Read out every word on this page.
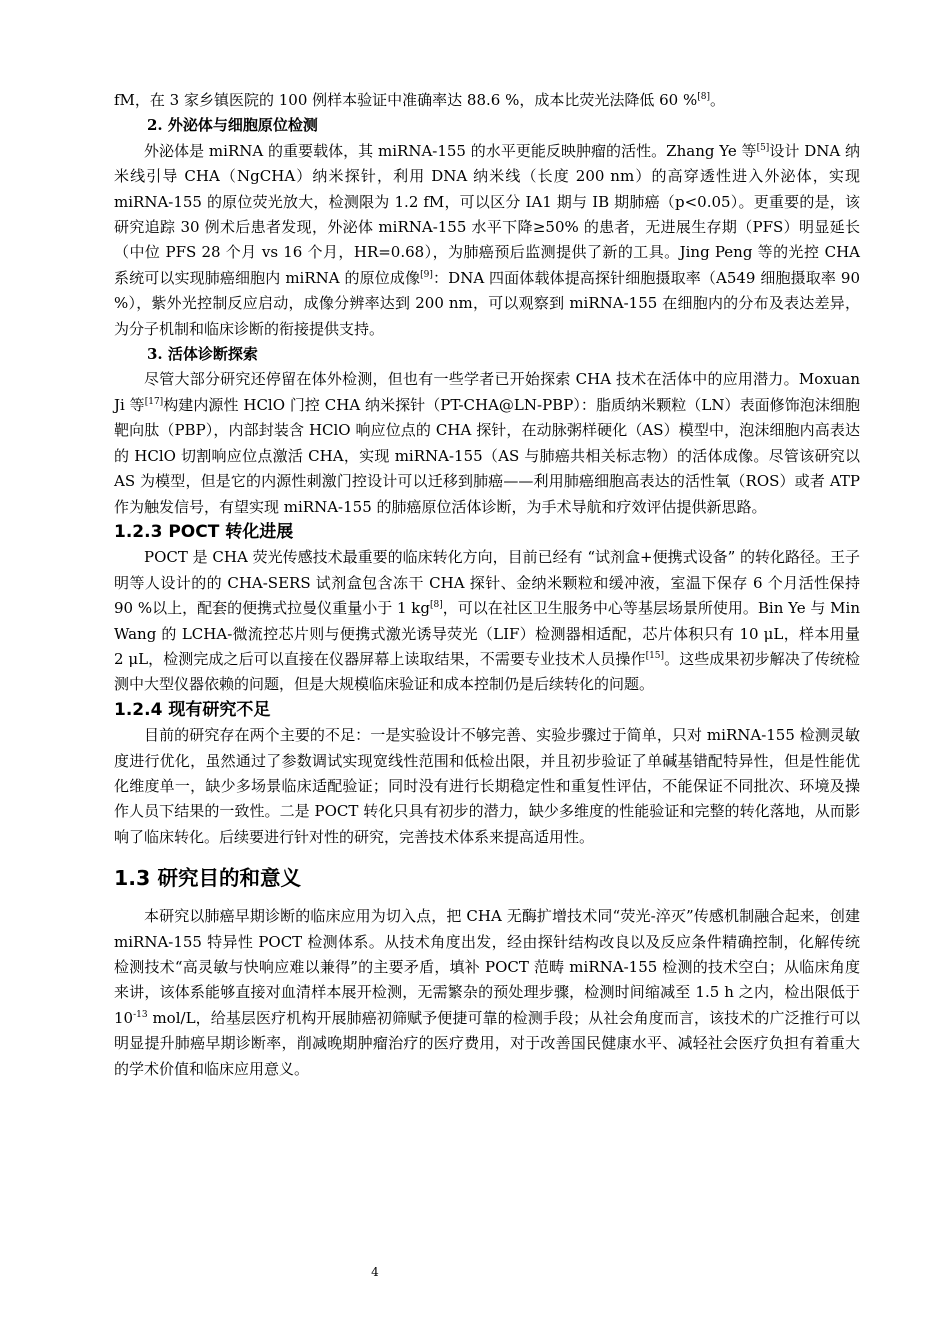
fM，在 3 家乡镇医院的 100 例样本验证中准确率达 88.6 %，成本比荧光法降低 60 %[8]。

2. 外泌体与细胞原位检测

外泌体是 miRNA 的重要载体，其 miRNA-155 的水平更能反映肿瘤的活性。Zhang Ye 等[5]设计 DNA 纳米线引导 CHA（NgCHA）纳米探针，利用 DNA 纳米线（长度 200 nm）的高穿透性进入外泌体，实现 miRNA-155 的原位荧光放大，检测限为 1.2 fM，可以区分 IA1 期与 IB 期肺癌（p<0.05）。更重要的是，该研究追踪 30 例术后患者发现，外泌体 miRNA-155 水平下降≥50% 的患者，无进展生存期（PFS）明显延长（中位 PFS 28 个月 vs 16 个月，HR=0.68），为肺癌预后监测提供了新的工具。Jing Peng 等的光控 CHA 系统可以实现肺癌细胞内 miRNA 的原位成像[9]：DNA 四面体载体提高探针细胞摄取率（A549 细胞摄取率 90 %），紫外光控制反应启动，成像分辨率达到 200 nm，可以观察到 miRNA-155 在细胞内的分布及表达差异，为分子机制和临床诊断的衔接提供支持。

3. 活体诊断探索

尽管大部分研究还停留在体外检测，但也有一些学者已开始探索 CHA 技术在活体中的应用潜力。Moxuan Ji 等[17]构建内源性 HClO 门控 CHA 纳米探针（PT-CHA@LN-PBP）：脂质纳米颗粒（LN）表面修饰泡沫细胞靶向肽（PBP），内部封装含 HClO 响应位点的 CHA 探针，在动脉粥样硬化（AS）模型中，泡沫细胞内高表达的 HClO 切割响应位点激活 CHA，实现 miRNA-155（AS 与肺癌共相关标志物）的活体成像。尽管该研究以 AS 为模型，但是它的内源性刺激门控设计可以迁移到肺癌——利用肺癌细胞高表达的活性氧（ROS）或者 ATP 作为触发信号，有望实现 miRNA-155 的肺癌原位活体诊断，为手术导航和疗效评估提供新思路。

1.2.3 POCT 转化进展

POCT 是 CHA 荧光传感技术最重要的临床转化方向，目前已经有 “试剂盒+便携式设备” 的转化路径。王子明等人设计的的 CHA-SERS 试剂盒包含冻干 CHA 探针、金纳米颗粒和缓冲液，室温下保存 6 个月活性保持 90 %以上，配套的便携式拉曼仪重量小于 1 kg[8]，可以在社区卫生服务中心等基层场景所使用。Bin Ye 与 Min Wang 的 LCHA-微流控芯片则与便携式激光诱导荧光（LIF）检测器相适配，芯片体积只有 10 μL，样本用量 2 μL，检测完成之后可以直接在仪器屏幕上读取结果，不需要专业技术人员操作[15]。这些成果初步解决了传统检测中大型仪器依赖的问题，但是大规模临床验证和成本控制仍是后续转化的问题。

1.2.4 现有研究不足

目前的研究存在两个主要的不足：一是实验设计不够完善、实验步骤过于简单，只对 miRNA-155 检测灵敏度进行优化，虽然通过了参数调试实现宽线性范围和低检出限，并且初步验证了单碱基错配特异性，但是性能优化维度单一，缺少多场景临床适配验证；同时没有进行长期稳定性和重复性评估，不能保证不同批次、环境及操作人员下结果的一致性。二是 POCT 转化只具有初步的潜力，缺少多维度的性能验证和完整的转化落地，从而影响了临床转化。后续要进行针对性的研究，完善技术体系来提高适用性。

1.3 研究目的和意义

本研究以肺癌早期诊断的临床应用为切入点，把 CHA 无酶扩增技术同“荧光-淬灭”传感机制融合起来，创建 miRNA-155 特异性 POCT 检测体系。从技术角度出发，经由探针结构改良以及反应条件精确控制，化解传统检测技术“高灵敏与快响应难以兼得”的主要矛盾，填补 POCT 范畴 miRNA-155 检测的技术空白；从临床角度来讲，该体系能够直接对血清样本展开检测，无需繁杂的预处理步骤，检测时间缩减至 1.5 h 之内，检出限低于 $10^{-13}$ mol/L，给基层医疗机构开展肺癌初筛赋予便捷可靠的检测手段；从社会角度而言，该技术的广泛推行可以明显提升肺癌早期诊断率，削减晚期肿瘤治疗的医疗费用，对于改善国民健康水平、减轻社会医疗负担有着重大的学术价值和临床应用意义。

4
